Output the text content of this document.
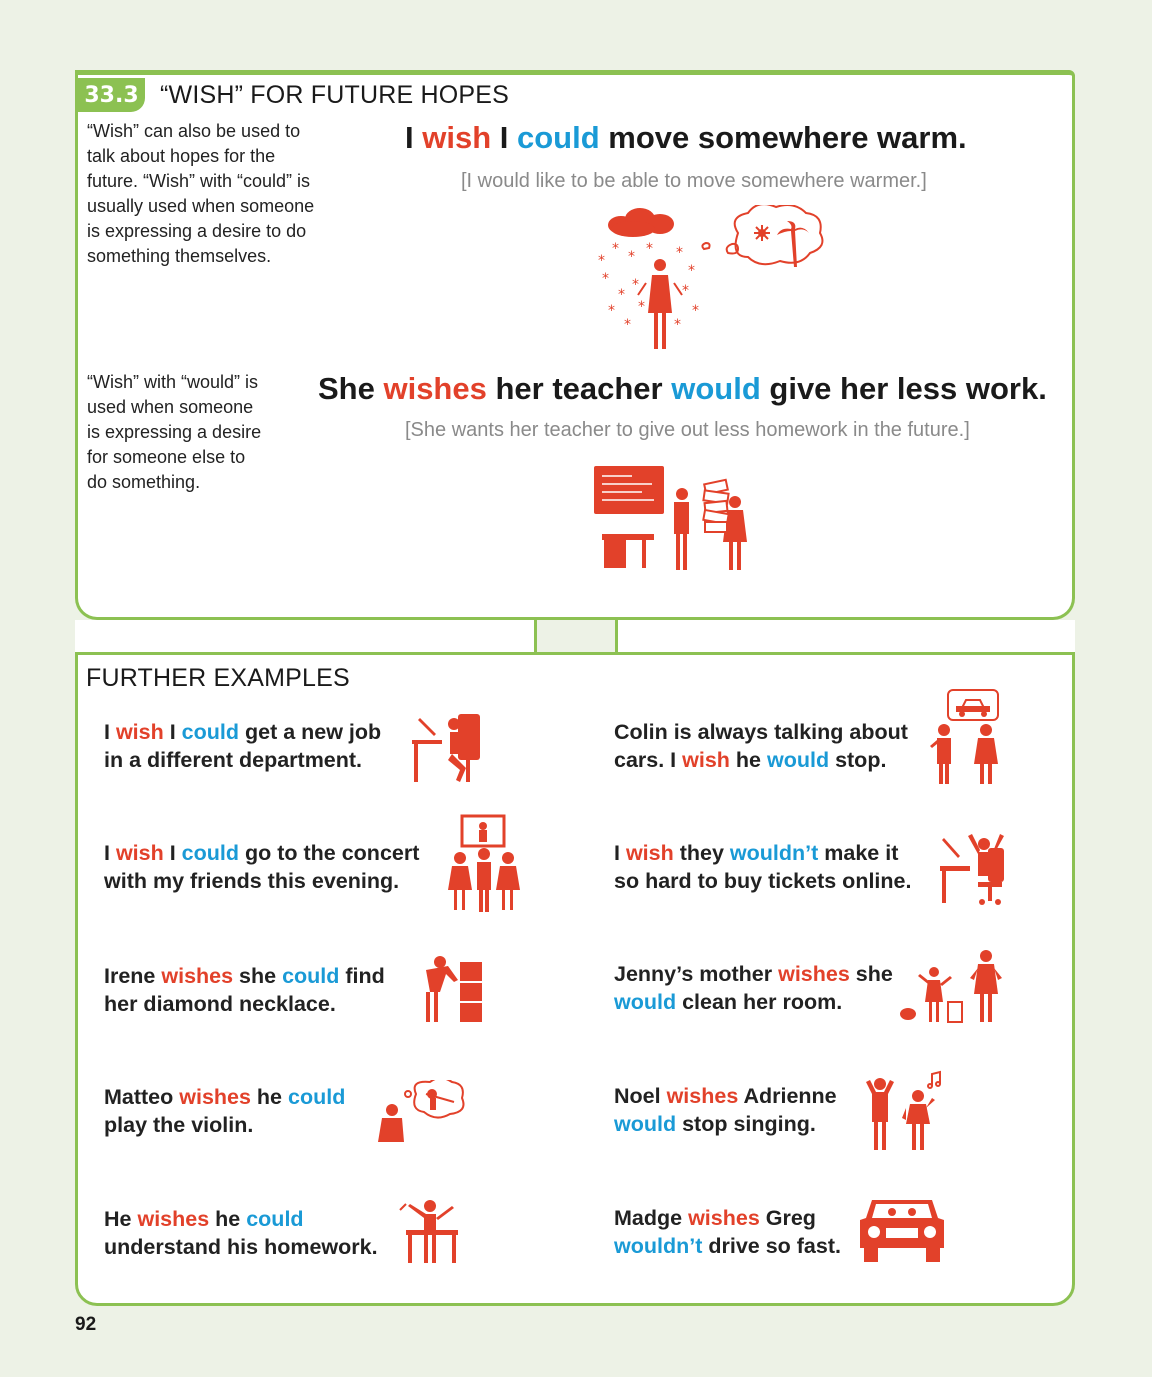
33.3 “WISH” FOR FUTURE HOPES
“Wish” can also be used to
talk about hopes for the
future. “Wish” with “could” is
usually used when someone
is expressing a desire to do
something themselves.
I wish I could move somewhere warm.
[I would like to be able to move somewhere warmer.]
*
* * * *
*
*
*
*	*
*
*
*	*
*
“Wish” with “would” is
used when someone
is expressing a desire
for someone else to
do something.
She wishes her teacher would give her less work.
[She wants her teacher to give out less homework in the future.]
FURTHER EXAMPLES
I wish I could get a new job
in a different department.
I wish I could go to the concert
with my friends this evening.
Irene wishes she could find
her diamond necklace.
Matteo wishes he could
play the violin.
He wishes he could
understand his homework.
Colin is always talking about
cars. I wish he would stop.
I wish they wouldn’t make it
so hard to buy tickets online.
Jenny’s mother wishes she
would clean her room.
Noel wishes Adrienne
would stop singing.
Madge wishes Greg
wouldn’t drive so fast.
92
